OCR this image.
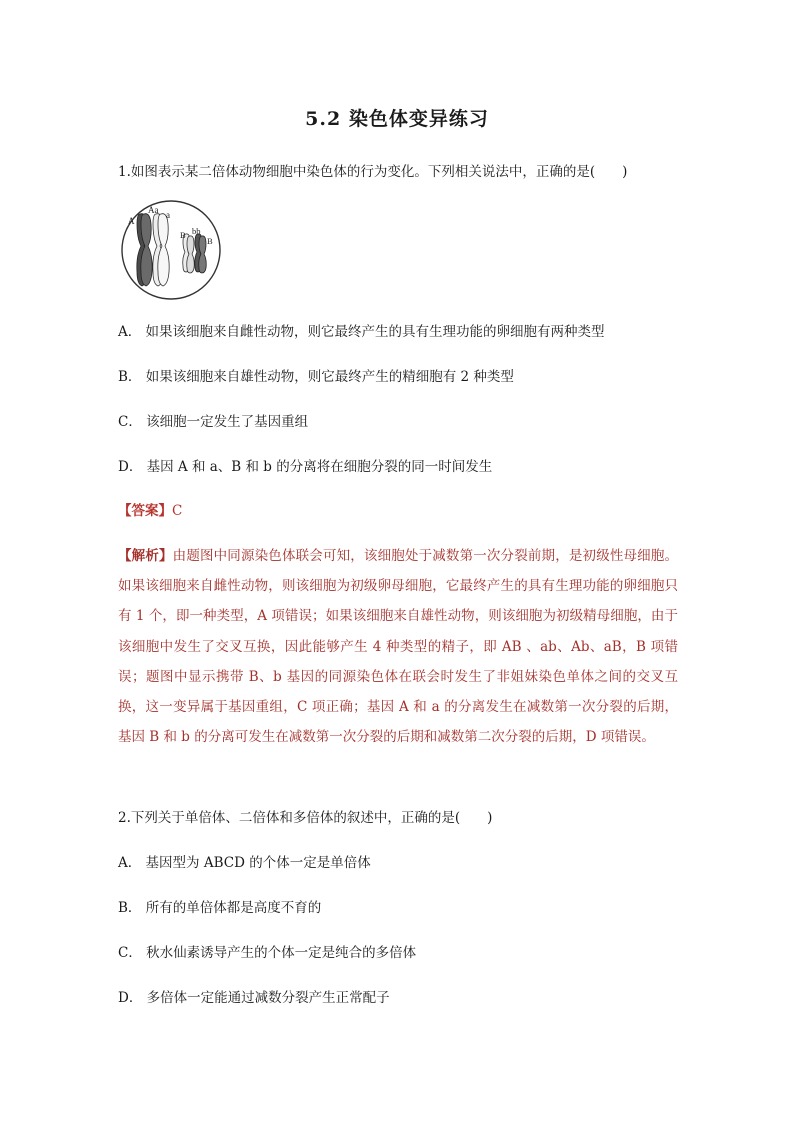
5.2 染色体变异练习
1.如图表示某二倍体动物细胞中染色体的行为变化。下列相关说法中，正确的是(　　)
A
Aa a
B bb
B
A． 如果该细胞来自雌性动物，则它最终产生的具有生理功能的卵细胞有两种类型
B． 如果该细胞来自雄性动物，则它最终产生的精细胞有 2 种类型
C． 该细胞一定发生了基因重组
D． 基因 A 和 a、B 和 b 的分离将在细胞分裂的同一时间发生
【答案】C
【解析】由题图中同源染色体联会可知，该细胞处于减数第一次分裂前期，是初级性母细胞。如果该细胞来自雌性动物，则该细胞为初级卵母细胞，它最终产生的具有生理功能的卵细胞只有 1 个，即一种类型，A 项错误；如果该细胞来自雄性动物，则该细胞为初级精母细胞，由于该细胞中发生了交叉互换，因此能够产生 4 种类型的精子，即 AB 、ab、Ab、aB，B 项错误；题图中显示携带 B、b 基因的同源染色体在联会时发生了非姐妹染色单体之间的交叉互换，这一变异属于基因重组，C 项正确；基因 A 和 a 的分离发生在减数第一次分裂的后期，基因 B 和 b 的分离可发生在减数第一次分裂的后期和减数第二次分裂的后期，D 项错误。
2.下列关于单倍体、二倍体和多倍体的叙述中，正确的是(　　)
A． 基因型为 ABCD 的个体一定是单倍体
B． 所有的单倍体都是高度不育的
C． 秋水仙素诱导产生的个体一定是纯合的多倍体
D． 多倍体一定能通过减数分裂产生正常配子
